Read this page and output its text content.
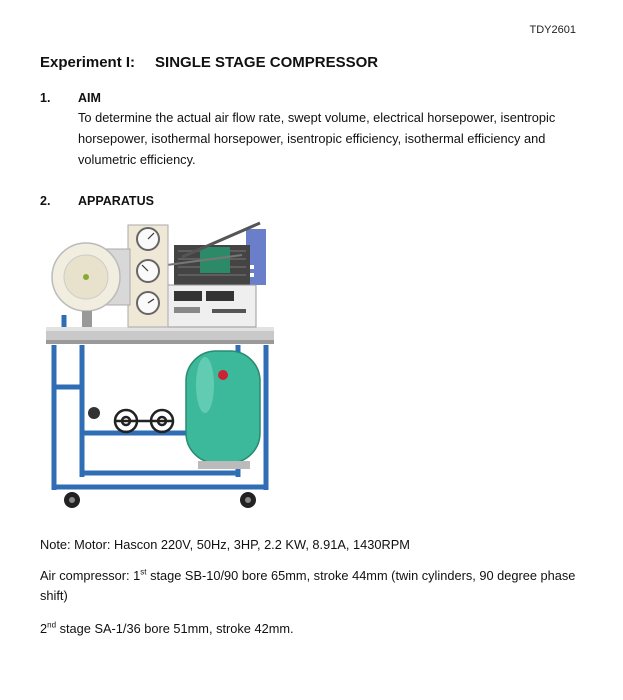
TDY2601
Experiment I: SINGLE STAGE COMPRESSOR
1. AIM
To determine the actual air flow rate, swept volume, electrical horsepower, isentropic horsepower, isothermal horsepower, isentropic efficiency, isothermal efficiency and volumetric efficiency.
2. APPARATUS
Note: Motor: Hascon 220V, 50Hz, 3HP, 2.2 KW, 8.91A, 1430RPM
Air compressor: 1st stage SB-10/90 bore 65mm, stroke 44mm (twin cylinders, 90 degree phase shift)
2nd stage SA-1/36 bore 51mm, stroke 42mm.
